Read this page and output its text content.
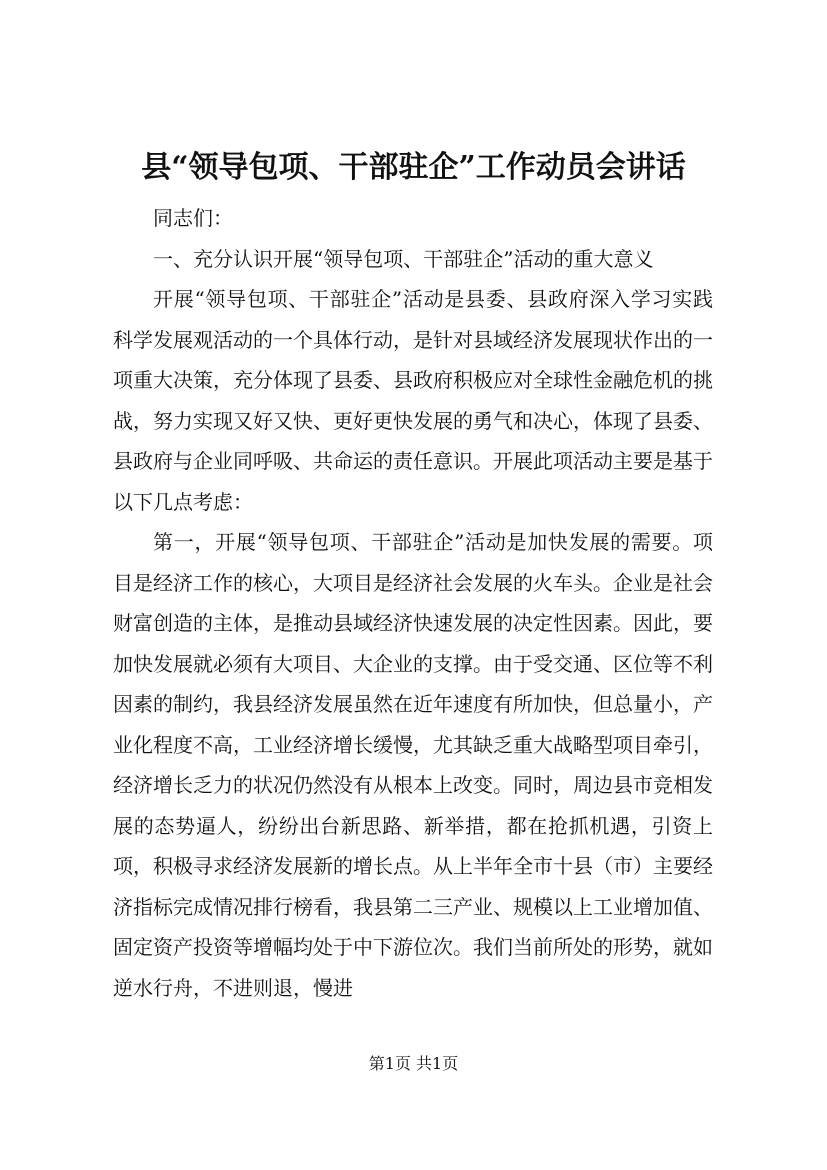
县“领导包项、干部驻企”工作动员会讲话

同志们：

一、充分认识开展“领导包项、干部驻企”活动的重大意义

开展“领导包项、干部驻企”活动是县委、县政府深入学习实践科学发展观活动的一个具体行动，是针对县域经济发展现状作出的一项重大决策，充分体现了县委、县政府积极应对全球性金融危机的挑战，努力实现又好又快、更好更快发展的勇气和决心，体现了县委、县政府与企业同呼吸、共命运的责任意识。开展此项活动主要是基于以下几点考虑：

第一，开展“领导包项、干部驻企”活动是加快发展的需要。项目是经济工作的核心，大项目是经济社会发展的火车头。企业是社会财富创造的主体，是推动县域经济快速发展的决定性因素。因此，要加快发展就必须有大项目、大企业的支撑。由于受交通、区位等不利因素的制约，我县经济发展虽然在近年速度有所加快，但总量小，产业化程度不高，工业经济增长缓慢，尤其缺乏重大战略型项目牵引，经济增长乏力的状况仍然没有从根本上改变。同时，周边县市竞相发展的态势逼人，纷纷出台新思路、新举措，都在抢抓机遇，引资上项，积极寻求经济发展新的增长点。从上半年全市十县（市）主要经济指标完成情况排行榜看，我县第二三产业、规模以上工业增加值、固定资产投资等增幅均处于中下游位次。我们当前所处的形势，就如逆水行舟，不进则退，慢进

第1页 共1页
